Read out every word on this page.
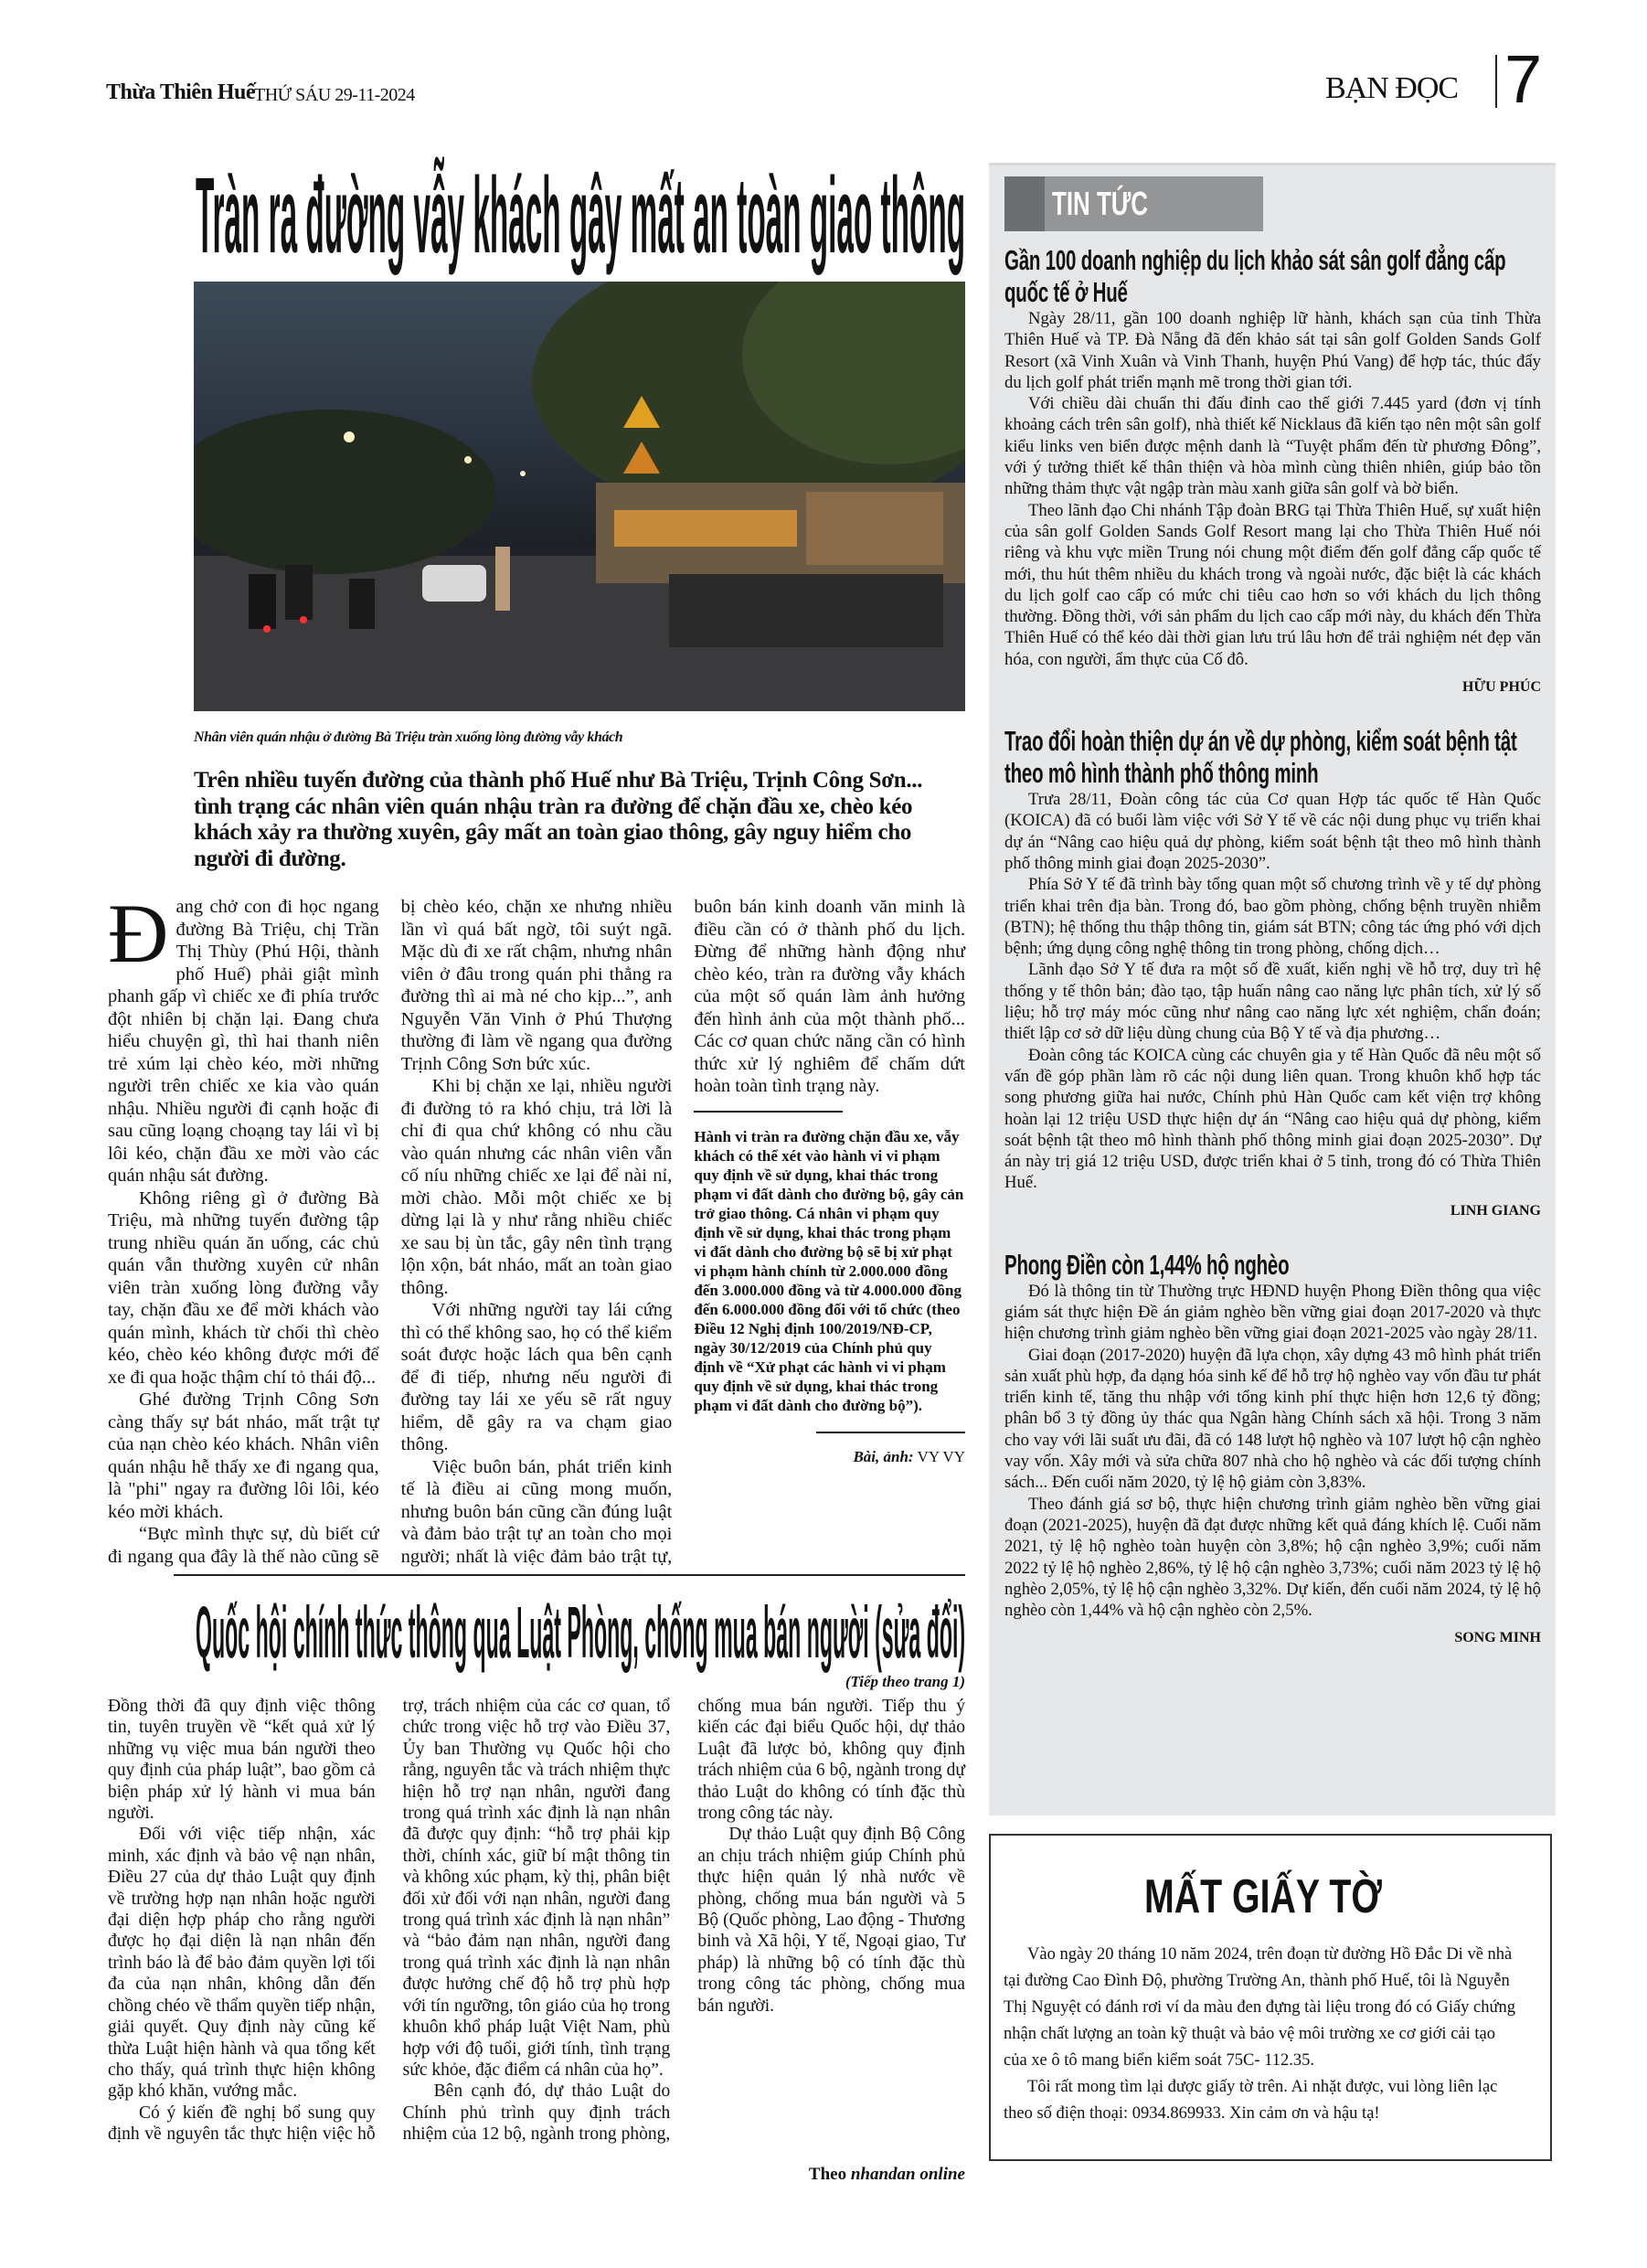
Thừa Thiên Huế
THỨ SÁU 29-11-2024	BẠN ĐỌC 7
Tràn ra đường vẫy khách gây mất an toàn giao thông
Nhân viên quán nhậu ở đường Bà Triệu tràn xuống lòng đường vẫy khách
Trên nhiều tuyến đường của thành phố Huế như Bà Triệu, Trịnh Công Sơn... tình trạng các nhân viên quán nhậu tràn ra đường để chặn đầu xe, chèo kéo khách xảy ra thường xuyên, gây mất an toàn giao thông, gây nguy hiểm cho người đi đường.

Đang chở con đi học ngang đường Bà Triệu, chị Trần Thị Thùy (Phú Hội, thành phố Huế) phải giật mình phanh gấp vì chiếc xe đi phía trước đột nhiên bị chặn lại. Đang chưa hiểu chuyện gì, thì hai thanh niên trẻ xúm lại chèo kéo, mời những người trên chiếc xe kia vào quán nhậu. Nhiều người đi cạnh hoặc đi sau cũng loạng choạng tay lái vì bị lôi kéo, chặn đầu xe mời vào các quán nhậu sát đường.

Không riêng gì ở đường Bà Triệu, mà những tuyến đường tập trung nhiều quán ăn uống, các chủ quán vẫn thường xuyên cử nhân viên tràn xuống lòng đường vẫy tay, chặn đầu xe để mời khách vào quán mình, khách từ chối thì chèo kéo, chèo kéo không được mới để xe đi qua hoặc thậm chí tỏ thái độ...

Ghé đường Trịnh Công Sơn càng thấy sự bát nháo, mất trật tự của nạn chèo kéo khách. Nhân viên quán nhậu hễ thấy xe đi ngang qua, là "phi" ngay ra đường lôi lôi, kéo kéo mời khách.

“Bực mình thực sự, dù biết cứ đi ngang qua đây là thế nào cũng sẽ bị chèo kéo, chặn xe nhưng nhiều lần vì quá bất ngờ, tôi suýt ngã. Mặc dù đi xe rất chậm, nhưng nhân viên ở đâu trong quán phi thẳng ra đường thì ai mà né cho kịp...”, anh Nguyễn Văn Vinh ở Phú Thượng thường đi làm về ngang qua đường Trịnh Công Sơn bức xúc.

Khi bị chặn xe lại, nhiều người đi đường tỏ ra khó chịu, trả lời là chỉ đi qua chứ không có nhu cầu vào quán nhưng các nhân viên vẫn cố níu những chiếc xe lại để nài nỉ, mời chào. Mỗi một chiếc xe bị dừng lại là y như rằng nhiều chiếc xe sau bị ùn tắc, gây nên tình trạng lộn xộn, bát nháo, mất an toàn giao thông.

Với những người tay lái cứng thì có thể không sao, họ có thể kiểm soát được hoặc lách qua bên cạnh để đi tiếp, nhưng nếu người đi đường tay lái xe yếu sẽ rất nguy hiểm, dễ gây ra va chạm giao thông.

Việc buôn bán, phát triển kinh tế là điều ai cũng mong muốn, nhưng buôn bán cũng cần đúng luật và đảm bảo trật tự an toàn cho mọi người; nhất là việc đảm bảo trật tự, buôn bán kinh doanh văn minh là điều cần có ở thành phố du lịch. Đừng để những hành động như chèo kéo, tràn ra đường vẫy khách của một số quán làm ảnh hưởng đến hình ảnh của một thành phố... Các cơ quan chức năng cần có hình thức xử lý nghiêm để chấm dứt hoàn toàn tình trạng này.

Hành vi tràn ra đường chặn đầu xe, vẫy khách có thể xét vào hành vi vi phạm quy định về sử dụng, khai thác trong phạm vi đất dành cho đường bộ, gây cản trở giao thông. Cá nhân vi phạm quy định về sử dụng, khai thác trong phạm vi đất dành cho đường bộ sẽ bị xử phạt vi phạm hành chính từ 2.000.000 đồng đến 3.000.000 đồng và từ 4.000.000 đồng đến 6.000.000 đồng đối với tổ chức (theo Điều 12 Nghị định 100/2019/NĐ-CP, ngày 30/12/2019 của Chính phủ quy định về “Xử phạt các hành vi vi phạm quy định về sử dụng, khai thác trong phạm vi đất dành cho đường bộ”).
Bài, ảnh: VY VY
Quốc hội chính thức thông qua Luật Phòng, chống mua bán người (sửa đổi)
(Tiếp theo trang 1)

Đồng thời đã quy định việc thông tin, tuyên truyền về “kết quả xử lý những vụ việc mua bán người theo quy định của pháp luật”, bao gồm cả biện pháp xử lý hành vi mua bán người.

Đối với việc tiếp nhận, xác minh, xác định và bảo vệ nạn nhân, Điều 27 của dự thảo Luật quy định về trường hợp nạn nhân hoặc người đại diện hợp pháp cho rằng người được họ đại diện là nạn nhân đến trình báo là để bảo đảm quyền lợi tối đa của nạn nhân, không dẫn đến chồng chéo về thẩm quyền tiếp nhận, giải quyết. Quy định này cũng kế thừa Luật hiện hành và qua tổng kết cho thấy, quá trình thực hiện không gặp khó khăn, vướng mắc.

Có ý kiến đề nghị bổ sung quy định về nguyên tắc thực hiện việc hỗ trợ, trách nhiệm của các cơ quan, tổ chức trong việc hỗ trợ vào Điều 37, Ủy ban Thường vụ Quốc hội cho rằng, nguyên tắc và trách nhiệm thực hiện hỗ trợ nạn nhân, người đang trong quá trình xác định là nạn nhân đã được quy định: “hỗ trợ phải kịp thời, chính xác, giữ bí mật thông tin và không xúc phạm, kỳ thị, phân biệt đối xử đối với nạn nhân, người đang trong quá trình xác định là nạn nhân” và “bảo đảm nạn nhân, người đang trong quá trình xác định là nạn nhân được hưởng chế độ hỗ trợ phù hợp với tín ngưỡng, tôn giáo của họ trong khuôn khổ pháp luật Việt Nam, phù hợp với độ tuổi, giới tính, tình trạng sức khỏe, đặc điểm cá nhân của họ”.

Bên cạnh đó, dự thảo Luật do Chính phủ trình quy định trách nhiệm của 12 bộ, ngành trong phòng, chống mua bán người. Tiếp thu ý kiến các đại biểu Quốc hội, dự thảo Luật đã lược bỏ, không quy định trách nhiệm của 6 bộ, ngành trong dự thảo Luật do không có tính đặc thù trong công tác này.

Dự thảo Luật quy định Bộ Công an chịu trách nhiệm giúp Chính phủ thực hiện quản lý nhà nước về phòng, chống mua bán người và 5 Bộ (Quốc phòng, Lao động - Thương binh và Xã hội, Y tế, Ngoại giao, Tư pháp) là những bộ có tính đặc thù trong công tác phòng, chống mua bán người.

Theo nhandan online
TIN TỨC
Gần 100 doanh nghiệp du lịch khảo sát sân golf đẳng cấp quốc tế ở Huế

Ngày 28/11, gần 100 doanh nghiệp lữ hành, khách sạn của tỉnh Thừa Thiên Huế và TP. Đà Nẵng đã đến khảo sát tại sân golf Golden Sands Golf Resort (xã Vinh Xuân và Vinh Thanh, huyện Phú Vang) để hợp tác, thúc đẩy du lịch golf phát triển mạnh mẽ trong thời gian tới.

Với chiều dài chuẩn thi đấu đỉnh cao thế giới 7.445 yard (đơn vị tính khoảng cách trên sân golf), nhà thiết kế Nicklaus đã kiến tạo nên một sân golf kiểu links ven biển được mệnh danh là “Tuyệt phẩm đến từ phương Đông”, với ý tưởng thiết kế thân thiện và hòa mình cùng thiên nhiên, giúp bảo tồn những thảm thực vật ngập tràn màu xanh giữa sân golf và bờ biển.

Theo lãnh đạo Chi nhánh Tập đoàn BRG tại Thừa Thiên Huế, sự xuất hiện của sân golf Golden Sands Golf Resort mang lại cho Thừa Thiên Huế nói riêng và khu vực miền Trung nói chung một điểm đến golf đẳng cấp quốc tế mới, thu hút thêm nhiều du khách trong và ngoài nước, đặc biệt là các khách du lịch golf cao cấp có mức chi tiêu cao hơn so với khách du lịch thông thường. Đồng thời, với sản phẩm du lịch cao cấp mới này, du khách đến Thừa Thiên Huế có thể kéo dài thời gian lưu trú lâu hơn để trải nghiệm nét đẹp văn hóa, con người, ẩm thực của Cố đô.

HỮU PHÚC
Trao đổi hoàn thiện dự án về dự phòng, kiểm soát bệnh tật theo mô hình thành phố thông minh

Trưa 28/11, Đoàn công tác của Cơ quan Hợp tác quốc tế Hàn Quốc (KOICA) đã có buổi làm việc với Sở Y tế về các nội dung phục vụ triển khai dự án “Nâng cao hiệu quả dự phòng, kiểm soát bệnh tật theo mô hình thành phố thông minh giai đoạn 2025-2030”.

Phía Sở Y tế đã trình bày tổng quan một số chương trình về y tế dự phòng triển khai trên địa bàn. Trong đó, bao gồm phòng, chống bệnh truyền nhiễm (BTN); hệ thống thu thập thông tin, giám sát BTN; công tác ứng phó với dịch bệnh; ứng dụng công nghệ thông tin trong phòng, chống dịch…

Lãnh đạo Sở Y tế đưa ra một số đề xuất, kiến nghị về hỗ trợ, duy trì hệ thống y tế thôn bản; đào tạo, tập huấn nâng cao năng lực phân tích, xử lý số liệu; hỗ trợ máy móc cũng như nâng cao năng lực xét nghiệm, chẩn đoán; thiết lập cơ sở dữ liệu dùng chung của Bộ Y tế và địa phương…

Đoàn công tác KOICA cùng các chuyên gia y tế Hàn Quốc đã nêu một số vấn đề góp phần làm rõ các nội dung liên quan. Trong khuôn khổ hợp tác song phương giữa hai nước, Chính phủ Hàn Quốc cam kết viện trợ không hoàn lại 12 triệu USD thực hiện dự án “Nâng cao hiệu quả dự phòng, kiểm soát bệnh tật theo mô hình thành phố thông minh giai đoạn 2025-2030”. Dự án này trị giá 12 triệu USD, được triển khai ở 5 tỉnh, trong đó có Thừa Thiên Huế.

LINH GIANG
Phong Điền còn 1,44% hộ nghèo

Đó là thông tin từ Thường trực HĐND huyện Phong Điền thông qua việc giám sát thực hiện Đề án giảm nghèo bền vững giai đoạn 2017-2020 và thực hiện chương trình giảm nghèo bền vững giai đoạn 2021-2025 vào ngày 28/11.

Giai đoạn (2017-2020) huyện đã lựa chọn, xây dựng 43 mô hình phát triển sản xuất phù hợp, đa dạng hóa sinh kế để hỗ trợ hộ nghèo vay vốn đầu tư phát triển kinh tế, tăng thu nhập với tổng kinh phí thực hiện hơn 12,6 tỷ đồng; phân bổ 3 tỷ đồng ủy thác qua Ngân hàng Chính sách xã hội. Trong 3 năm cho vay với lãi suất ưu đãi, đã có 148 lượt hộ nghèo và 107 lượt hộ cận nghèo vay vốn. Xây mới và sửa chữa 807 nhà cho hộ nghèo và các đối tượng chính sách... Đến cuối năm 2020, tỷ lệ hộ giảm còn 3,83%.

Theo đánh giá sơ bộ, thực hiện chương trình giảm nghèo bền vững giai đoạn (2021-2025), huyện đã đạt được những kết quả đáng khích lệ. Cuối năm 2021, tỷ lệ hộ nghèo toàn huyện còn 3,8%; hộ cận nghèo 3,9%; cuối năm 2022 tỷ lệ hộ nghèo 2,86%, tỷ lệ hộ cận nghèo 3,73%; cuối năm 2023 tỷ lệ hộ nghèo 2,05%, tỷ lệ hộ cận nghèo 3,32%. Dự kiến, đến cuối năm 2024, tỷ lệ hộ nghèo còn 1,44% và hộ cận nghèo còn 2,5%.

SONG MINH
MẤT GIẤY TỜ

Vào ngày 20 tháng 10 năm 2024, trên đoạn từ đường Hồ Đắc Di về nhà tại đường Cao Đình Độ, phường Trường An, thành phố Huế, tôi là Nguyễn Thị Nguyệt có đánh rơi ví da màu đen đựng tài liệu trong đó có Giấy chứng nhận chất lượng an toàn kỹ thuật và bảo vệ môi trường xe cơ giới cải tạo của xe ô tô mang biển kiểm soát 75C- 112.35.

Tôi rất mong tìm lại được giấy tờ trên. Ai nhặt được, vui lòng liên lạc theo số điện thoại: 0934.869933. Xin cảm ơn và hậu tạ!
